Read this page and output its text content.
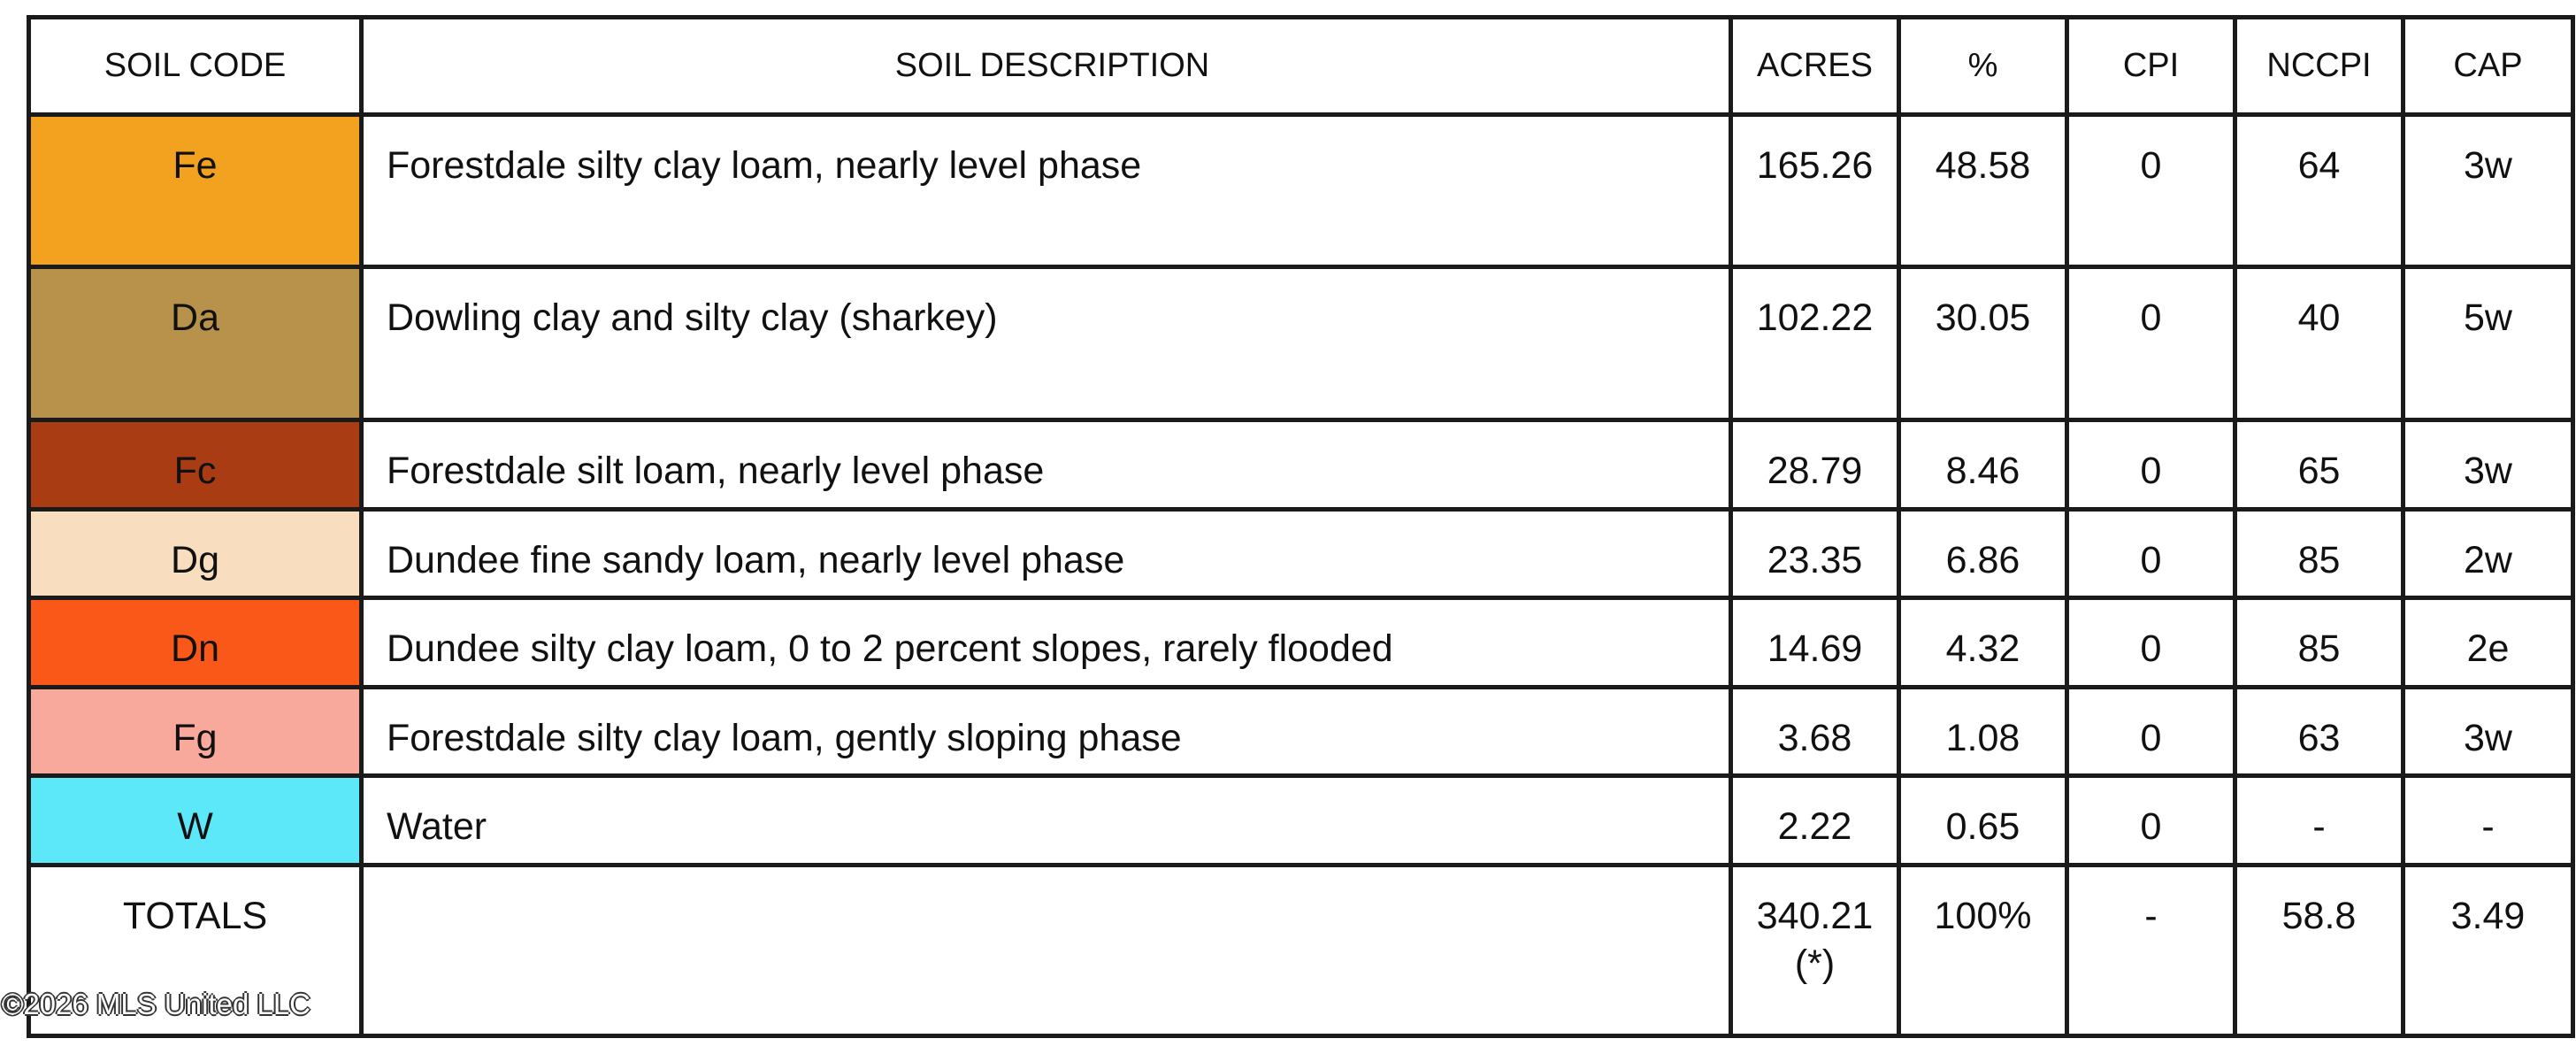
SOIL CODE	SOIL DESCRIPTION	ACRES	%	CPI	NCCPI	CAP
Fe	Forestdale silty clay loam, nearly level phase	165.26	48.58	0	64	3w
Da	Dowling clay and silty clay (sharkey)	102.22	30.05	0	40	5w
Fc	Forestdale silt loam, nearly level phase	28.79	8.46	0	65	3w
Dg	Dundee fine sandy loam, nearly level phase	23.35	6.86	0	85	2w
Dn	Dundee silty clay loam, 0 to 2 percent slopes, rarely flooded	14.69	4.32	0	85	2e
Fg	Forestdale silty clay loam, gently sloping phase	3.68	1.08	0	63	3w
W	Water	2.22	0.65	0	-	-
TOTALS		340.21(*)	100%	-	58.8	3.49
©2026 MLS United LLC
